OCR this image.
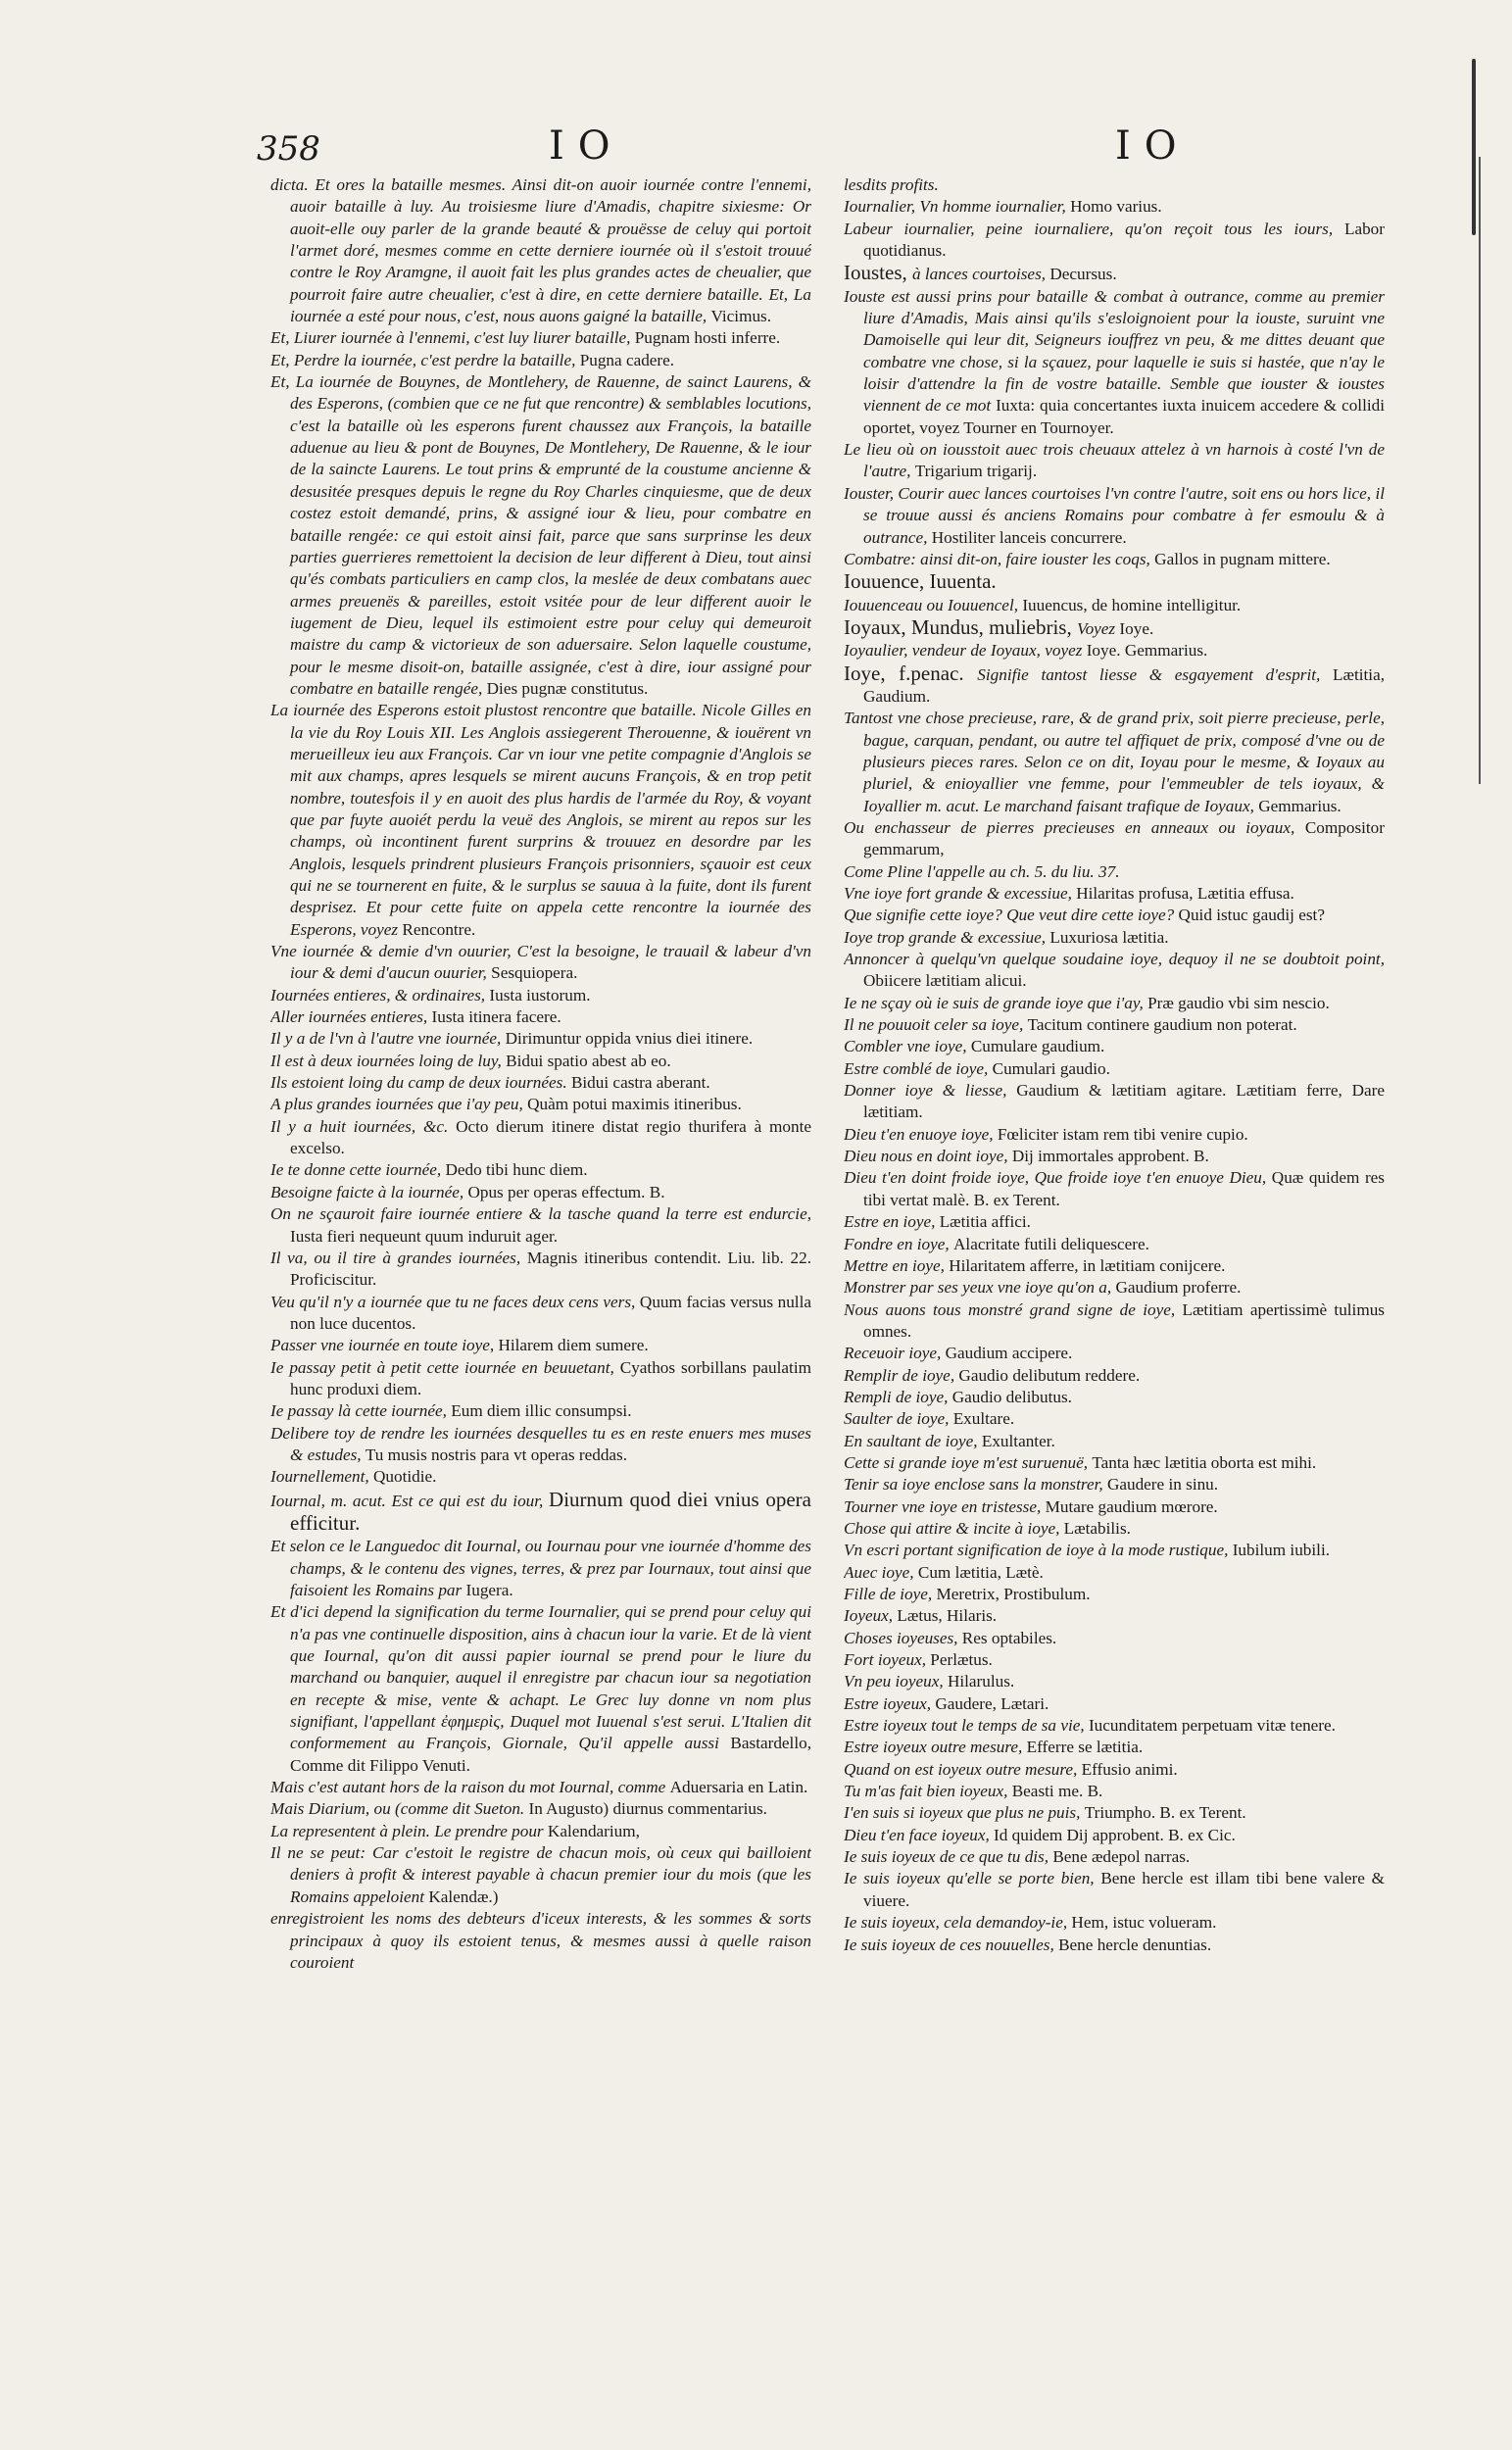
358	IO	IO
dicta. Et ores la bataille mesmes. Ainsi dit-on auoir iournée contre l'ennemi, auoir bataille à luy. Au troisiesme liure d'Amadis, chapitre sixiesme: Or auoit-elle ouy parler de la grande beauté & prouësse de celuy qui portoit l'armet doré, mesmes comme en cette derniere iournée où il s'estoit trouué contre le Roy Aramgne, il auoit fait les plus grandes actes de cheualier, que pourroit faire autre cheualier, c'est à dire, en cette derniere bataille. Et, La iournée a esté pour nous, c'est, nous auons gaigné la bataille, Vicimus.
Et, Liurer iournée à l'ennemi, c'est luy liurer bataille, Pugnam hosti inferre.
Et, Perdre la iournée, c'est perdre la bataille, Pugna cadere.
Et, La iournée de Bouynes, de Montlehery, de Rauenne, de sainct Laurens, & des Esperons, (combien que ce ne fut que rencontre) & semblables locutions, c'est la bataille où les esperons furent chaussez aux François, la bataille aduenue au lieu & pont de Bouynes, De Montlehery, De Rauenne, & le iour de la saincte Laurens. Le tout prins & emprunté de la coustume ancienne & desusitée presques depuis le regne du Roy Charles cinquiesme, que de deux costez estoit demandé, prins, & assigné iour & lieu, pour combatre en bataille rengée: ce qui estoit ainsi fait, parce que sans surprinse les deux parties guerrieres remettoient la decision de leur different à Dieu, tout ainsi qu'és combats particuliers en camp clos, la meslée de deux combatans auec armes preuenës & pareilles, estoit vsitée pour de leur different auoir le iugement de Dieu, lequel ils estimoient estre pour celuy qui demeuroit maistre du camp & victorieux de son aduersaire. Selon laquelle coustume, pour le mesme disoit-on, bataille assignée, c'est à dire, iour assigné pour combatre en bataille rengée, Dies pugnæ constitutus.
La iournée des Esperons estoit plustost rencontre que bataille. Nicole Gilles en la vie du Roy Louis XII. Les Anglois assiegerent Therouenne, & iouërent vn merueilleux ieu aux François. Car vn iour vne petite compagnie d'Anglois se mit aux champs, apres lesquels se mirent aucuns François, & en trop petit nombre, toutesfois il y en auoit des plus hardis de l'armée du Roy, & voyant que par fuyte auoiét perdu la veuë des Anglois, se mirent au repos sur les champs, où incontinent furent surprins & trouuez en desordre par les Anglois, lesquels prindrent plusieurs François prisonniers, sçauoir est ceux qui ne se tournerent en fuite, & le surplus se sauua à la fuite, dont ils furent desprisez. Et pour cette fuite on appela cette rencontre la iournée des Esperons, voyez Rencontre.
Vne iournée & demie d'vn ouurier, C'est la besoigne, le trauail & labeur d'vn iour & demi d'aucun ouurier, Sesquiopera.
Iournées entieres, & ordinaires, Iusta iustorum.
Aller iournées entieres, Iusta itinera facere.
Il y a de l'vn à l'autre vne iournée, Dirimuntur oppida vnius diei itinere.
Il est à deux iournées loing de luy, Bidui spatio abest ab eo.
Ils estoient loing du camp de deux iournées. Bidui castra aberant.
A plus grandes iournées que i'ay peu, Quàm potui maximis itineribus.
Il y a huit iournées, &c. Octo dierum itinere distat regio thurifera à monte excelso.
Ie te donne cette iournée, Dedo tibi hunc diem.
Besoigne faicte à la iournée, Opus per operas effectum. B.
On ne sçauroit faire iournée entiere & la tasche quand la terre est endurcie, Iusta fieri nequeunt quum induruit ager.
Il va, ou il tire à grandes iournées, Magnis itineribus contendit. Liu. lib. 22. Proficiscitur.
Veu qu'il n'y a iournée que tu ne faces deux cens vers, Quum facias versus nulla non luce ducentos.
Passer vne iournée en toute ioye, Hilarem diem sumere.
Ie passay petit à petit cette iournée en beuuetant, Cyathos sorbillans paulatim hunc produxi diem.
Ie passay là cette iournée, Eum diem illic consumpsi.
Delibere toy de rendre les iournées desquelles tu es en reste enuers mes muses & estudes, Tu musis nostris para vt operas reddas.
Iournellement, Quotidie.
Iournal, m. acut. Est ce qui est du iour, Diurnum quod diei vnius opera efficitur.
Et selon ce le Languedoc dit Iournal, ou Iournau pour vne iournée d'homme des champs, & le contenu des vignes, terres, & prez par Iournaux, tout ainsi que faisoient les Romains par Iugera.
Et d'ici depend la signification du terme Iournalier, qui se prend pour celuy qui n'a pas vne continuelle disposition, ains à chacun iour la varie. Et de là vient que Iournal, qu'on dit aussi papier iournal se prend pour le liure du marchand ou banquier, auquel il enregistre par chacun iour sa negotiation en recepte & mise, vente & achapt. Le Grec luy donne vn nom plus signifiant, l'appellant ἐφημερὶς, Duquel mot Iuuenal s'est serui. L'Italien dit conformement au François, Giornale, Qu'il appelle aussi Bastardello, Comme dit Filippo Venuti.
Mais c'est autant hors de la raison du mot Iournal, comme Aduersaria en Latin.
Mais Diarium, ou (comme dit Sueton. In Augusto) diurnus commentarius.
La representent à plein. Le prendre pour Kalendarium,
Il ne se peut: Car c'estoit le registre de chacun mois, où ceux qui bailloient deniers à profit & interest payable à chacun premier iour du mois (que les Romains appeloient Kalendæ.)
enregistroient les noms des debteurs d'iceux interests, & les sommes & sorts principaux à quoy ils estoient tenus, & mesmes aussi à quelle raison couroient
lesdits profits.
Iournalier, Vn homme iournalier, Homo varius.
Labeur iournalier, peine iournaliere, qu'on reçoit tous les iours, Labor quotidianus.
Ioustes, à lances courtoises, Decursus.
Iouste est aussi prins pour bataille & combat à outrance, comme au premier liure d'Amadis, Mais ainsi qu'ils s'esloignoient pour la iouste, suruint vne Damoiselle qui leur dit, Seigneurs iouffrez vn peu, & me dittes deuant que combatre vne chose, si la sçauez, pour laquelle ie suis si hastée, que n'ay le loisir d'attendre la fin de vostre bataille. Semble que iouster & ioustes viennent de ce mot Iuxta: quia concertantes iuxta inuicem accedere & collidi oportet, voyez Tourner en Tournoyer.
Le lieu où on iousstoit auec trois cheuaux attelez à vn harnois à costé l'vn de l'autre, Trigarium trigarij.
Iouster, Courir auec lances courtoises l'vn contre l'autre, soit ens ou hors lice, il se trouue aussi és anciens Romains pour combatre à fer esmoulu & à outrance, Hostiliter lanceis concurrere.
Combatre: ainsi dit-on, faire iouster les coqs, Gallos in pugnam mittere.
Iouuence, Iuuenta.
Iouuenceau ou Iouuencel, Iuuencus, de homine intelligitur.
Ioyaux, Mundus, muliebris, Voyez Ioye.
Ioyaulier, vendeur de Ioyaux, voyez Ioye. Gemmarius.
Ioye, f.penac. Signifie tantost liesse & esgayement d'esprit, Lætitia, Gaudium.
Tantost vne chose precieuse, rare, & de grand prix, soit pierre precieuse, perle, bague, carquan, pendant, ou autre tel affiquet de prix, composé d'vne ou de plusieurs pieces rares. Selon ce on dit, Ioyau pour le mesme, & Ioyaux au pluriel, & enioyallier vne femme, pour l'emmeubler de tels ioyaux, & Ioyallier m. acut. Le marchand faisant trafique de Ioyaux, Gemmarius.
Ou enchasseur de pierres precieuses en anneaux ou ioyaux, Compositor gemmarum,
Come Pline l'appelle au ch. 5. du liu. 37.
Vne ioye fort grande & excessiue, Hilaritas profusa, Lætitia effusa.
Que signifie cette ioye? Que veut dire cette ioye? Quid istuc gaudij est?
Ioye trop grande & excessiue, Luxuriosa lætitia.
Annoncer à quelqu'vn quelque soudaine ioye, dequoy il ne se doubtoit point, Obiicere lætitiam alicui.
Ie ne sçay où ie suis de grande ioye que i'ay, Præ gaudio vbi sim nescio.
Il ne pouuoit celer sa ioye, Tacitum continere gaudium non poterat.
Combler vne ioye, Cumulare gaudium.
Estre comblé de ioye, Cumulari gaudio.
Donner ioye & liesse, Gaudium & lætitiam agitare. Lætitiam ferre, Dare lætitiam.
Dieu t'en enuoye ioye, Fœliciter istam rem tibi venire cupio.
Dieu nous en doint ioye, Dij immortales approbent. B.
Dieu t'en doint froide ioye, Que froide ioye t'en enuoye Dieu, Quæ quidem res tibi vertat malè. B. ex Terent.
Estre en ioye, Lætitia affici.
Fondre en ioye, Alacritate futili deliquescere.
Mettre en ioye, Hilaritatem afferre, in lætitiam conijcere.
Monstrer par ses yeux vne ioye qu'on a, Gaudium proferre.
Nous auons tous monstré grand signe de ioye, Lætitiam apertissimè tulimus omnes.
Receuoir ioye, Gaudium accipere.
Remplir de ioye, Gaudio delibutum reddere.
Rempli de ioye, Gaudio delibutus.
Saulter de ioye, Exultare.
En saultant de ioye, Exultanter.
Cette si grande ioye m'est suruenuë, Tanta hæc lætitia oborta est mihi.
Tenir sa ioye enclose sans la monstrer, Gaudere in sinu.
Tourner vne ioye en tristesse, Mutare gaudium mœrore.
Chose qui attire & incite à ioye, Lætabilis.
Vn escri portant signification de ioye à la mode rustique, Iubilum iubili.
Auec ioye, Cum lætitia, Lætè.
Fille de ioye, Meretrix, Prostibulum.
Ioyeux, Lætus, Hilaris.
Choses ioyeuses, Res optabiles.
Fort ioyeux, Perlætus.
Vn peu ioyeux, Hilarulus.
Estre ioyeux, Gaudere, Lætari.
Estre ioyeux tout le temps de sa vie, Iucunditatem perpetuam vitæ tenere.
Estre ioyeux outre mesure, Efferre se lætitia.
Quand on est ioyeux outre mesure, Effusio animi.
Tu m'as fait bien ioyeux, Beasti me. B.
I'en suis si ioyeux que plus ne puis, Triumpho. B. ex Terent.
Dieu t'en face ioyeux, Id quidem Dij approbent. B. ex Cic.
Ie suis ioyeux de ce que tu dis, Bene ædepol narras.
Ie suis ioyeux qu'elle se porte bien, Bene hercle est illam tibi bene valere & viuere.
Ie suis ioyeux, cela demandoy-ie, Hem, istuc volueram.
Ie suis ioyeux de ces nouuelles, Bene hercle denuntias.
